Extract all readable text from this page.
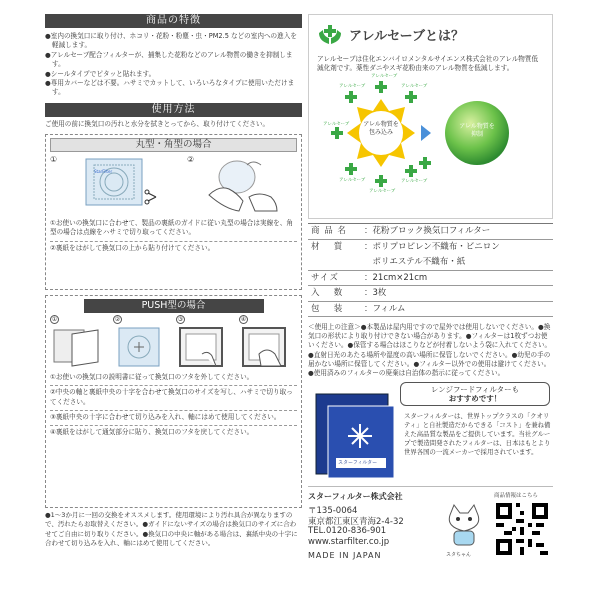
商品の特徴
●室内の換気口に取り付け、ホコリ・花粉・粉塵・虫・PM2.5 などの室内への進入を軽減します。
●アレルセーブ配合フィルターが、捕集した花粉などのアレル物質の働きを抑制します。
●シールタイプでピタッと貼れます。
●専用カバーなどは不要。ハサミでカットして、いろいろなタイプに使用いただけます。
使用方法
ご使用の前に換気口の汚れと水分を拭きとってから、取り付けてください。
丸型・角型の場合
①
StarFilter
②
①お使いの換気口に合わせて、製品の裏紙のガイドに従い丸型の場合は実線を、角型の場合は点線をハサミで切り取ってください。
②裏紙をはがして換気口の上から貼り付けてください。
PUSH型の場合
①	②	③	④
①お使いの換気口の説明書に従って換気口のフタを外してください。
②中央の軸と裏紙中央の十字を合わせて換気口のサイズを写し、ハサミで切り取ってください。
③裏紙中央の十字に合わせて切り込みを入れ、軸にはめて使用してください。
④裏紙をはがして通気部分に貼り、換気口のフタを戻してください。
●1～3か月に一回の交換をオススメします。使用環境により汚れ具合が異なりますので、汚れたらお取替えください。●ガイドにないサイズの場合は換気口のサイズに合わせてご自由に切り取りください。●換気口の中央に軸がある場合は、裏紙中央の十字に合わせて切り込みを入れ、軸にはめて使用してください。
アレルセーブとは？
アレルセーブは住化エンバイロメンタルサイエンス株式会社のアレル物質低減化剤です。薬性ダニやスギ花粉由来のアレル物質を低減します。
アレル物質を包み込み
アレル物質を抑制
アレルセーブ
アレルセーブ
アレルセーブ
アレルセーブ
アレルセーブ
アレルセーブ
アレルセーブ
商 品 名	：花粉ブロック換気口フィルター
材　 質	：ポリプロピレン不織布・ビニロン
　ポリエステル不織布・紙
サイズ	：21cm×21cm
入　 数	：3枚
包　 装	：フィルム
＜使用上の注意＞●本製品は屋内用ですので屋外では使用しないでください。●換気口の形状により取り付けできない場合があります。●フィルターは1枚ずつお使いください。●保管する場合はほこりなどが付着しないよう袋に入れてください。●直射日光のあたる場所や湿度の高い場所に保管しないでください。●幼児の手の届かない場所に保管してください。●フィルター以外での使用は避けてください。●使用済みのフィルターの廃棄は自治体の指示に従ってください。
スターフィルター
レンジフードフィルターも
おすすめです！
スターフィルターは、世界トップクラスの「クオリティ」と自社製造だからできる「コスト」を兼ね備えた高品質な製品をご提供しています。当社グループで製造問発されたフィルターは、日本はもとより世界各国の一流メーカーで採用されています。
スターフィルター株式会社
〒135-0064
東京都江東区青海2-4-32
TEL.0120-836-901
www.starfilter.co.jp
MADE IN JAPAN	スタちゃん
商品情報はこちら
